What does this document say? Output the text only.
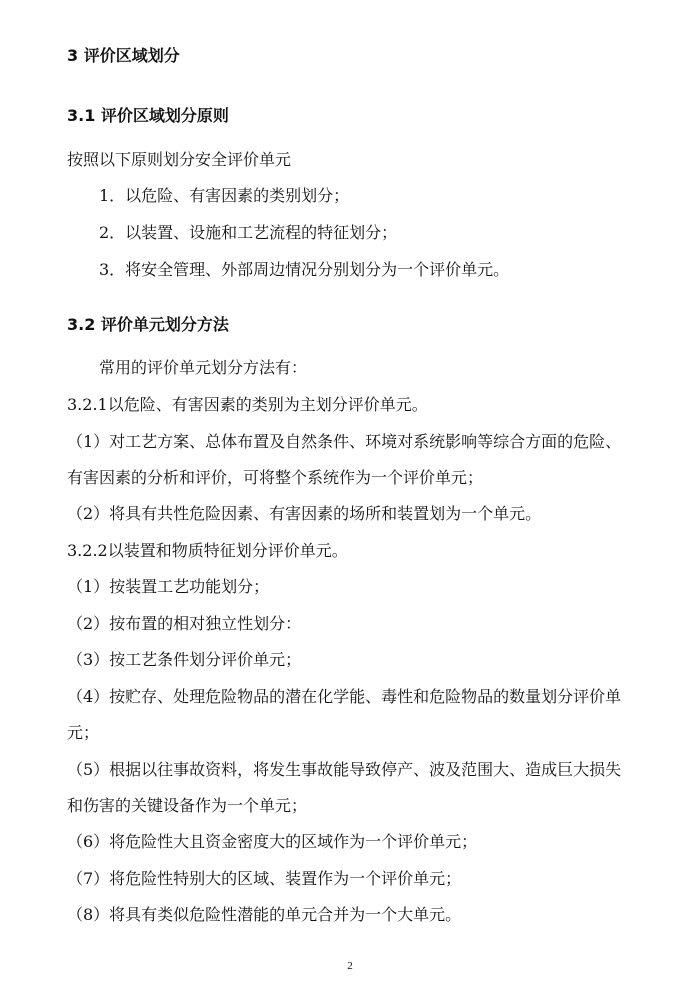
3 评价区域划分
3.1 评价区域划分原则
按照以下原则划分安全评价单元
1．以危险、有害因素的类别划分；
2．以装置、设施和工艺流程的特征划分；
3．将安全管理、外部周边情况分别划分为一个评价单元。
3.2 评价单元划分方法
常用的评价单元划分方法有：
3.2.1以危险、有害因素的类别为主划分评价单元。
（1）对工艺方案、总体布置及自然条件、环境对系统影响等综合方面的危险、
有害因素的分析和评价，可将整个系统作为一个评价单元；
（2）将具有共性危险因素、有害因素的场所和装置划为一个单元。
3.2.2以装置和物质特征划分评价单元。
（1）按装置工艺功能划分；
（2）按布置的相对独立性划分：
（3）按工艺条件划分评价单元；
（4）按贮存、处理危险物品的潜在化学能、毒性和危险物品的数量划分评价单
元；
（5）根据以往事故资料，将发生事故能导致停产、波及范围大、造成巨大损失
和伤害的关键设备作为一个单元；
（6）将危险性大且资金密度大的区域作为一个评价单元；
（7）将危险性特别大的区域、装置作为一个评价单元；
（8）将具有类似危险性潜能的单元合并为一个大单元。
2
